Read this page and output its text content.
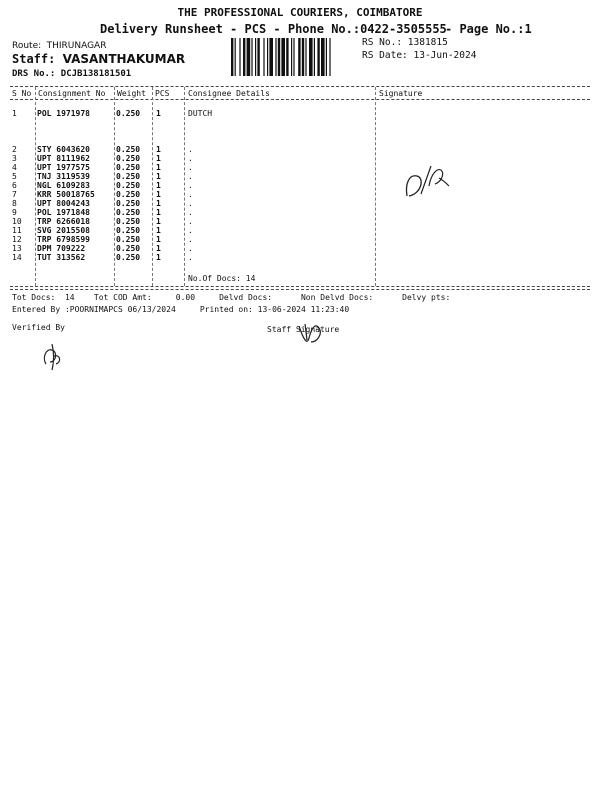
THE PROFESSIONAL COURIERS, COIMBATORE
Delivery Runsheet - PCS - Phone No.:0422-3505555
- Page No.:1
Route: THIRUNAGAR
Staff: VASANTHAKUMAR
DRS No.: DCJB138181501
RS No.: 1381815
RS Date: 13-Jun-2024
S No Consignment No Weight PCS Consignee Details	Signature
1	POL 1971978	0.250 1	DUTCH
2	STY 6043620	0.250 1	.
3	UPT 8111962	0.250 1	.
4	UPT 1977575	0.250 1	.
5	TNJ 3119539	0.250 1	.
6	NGL 6109283	0.250 1	.
7	KRR 50018765	0.250 1	.
8	UPT 8004243	0.250 1	.
9	POL 1971848	0.250 1	.
10 TRP 6266018	0.250 1	.
11 SVG 2015508	0.250 1	.
12 TRP 6798599	0.250 1	.
13 DPM 709222	0.250 1	.
14 TUT 313562	0.250 1	.
No.Of Docs: 14
Tot Docs:  14    Tot COD Amt:     0.00     Delvd Docs:      Non Delvd Docs:      Delvy pts:
Entered By :POORNIMAPCS 06/13/2024     Printed on: 13-06-2024 11:23:40
Verified By	Staff Signature
